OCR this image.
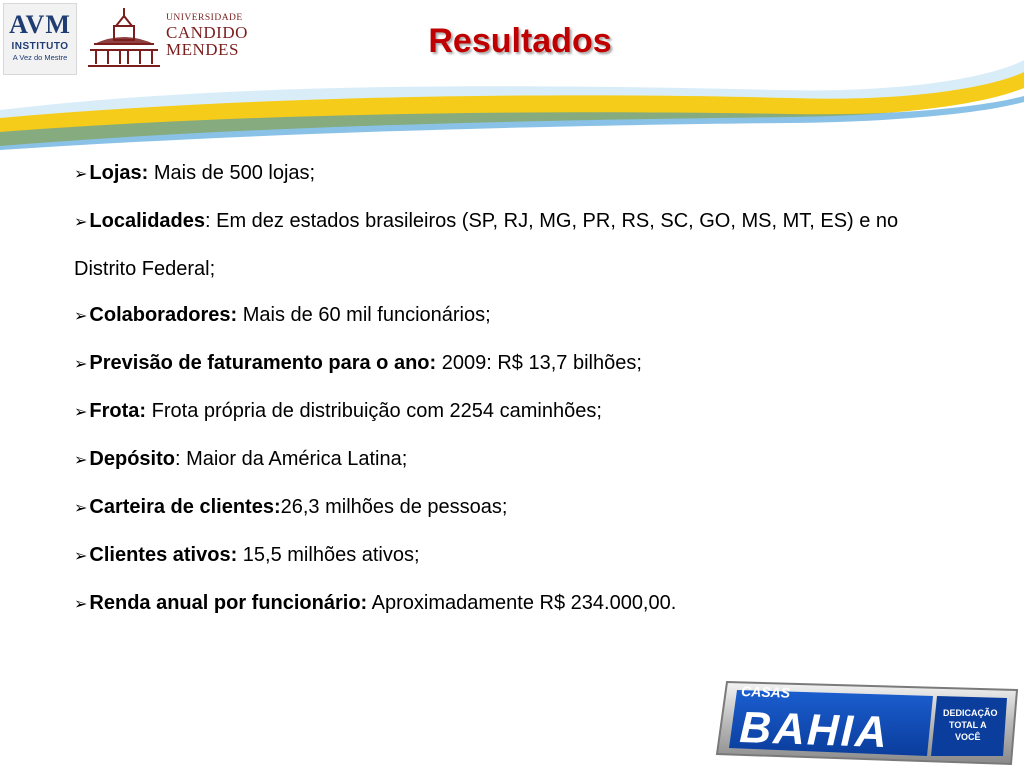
AVM
INSTITUTO
A Vez do Mestre
UNIVERSIDADE
CANDIDO
MENDES	Resultados

➢ Lojas: Mais de 500 lojas;

➢ Localidades: Em dez estados brasileiros (SP, RJ, MG, PR, RS, SC, GO, MS, MT, ES) e no Distrito Federal;

➢ Colaboradores: Mais de 60 mil funcionários;

➢ Previsão de faturamento para o ano: 2009: R$ 13,7 bilhões;

➢ Frota: Frota própria de distribuição com 2254 caminhões;

➢ Depósito: Maior da América Latina;

➢ Carteira de clientes:26,3 milhões de pessoas;

➢ Clientes ativos: 15,5 milhões ativos;

➢ Renda anual por funcionário: Aproximadamente R$ 234.000,00.

CASAS
BAHIA	DEDICAÇÃO
TOTAL A
VOCÊ
